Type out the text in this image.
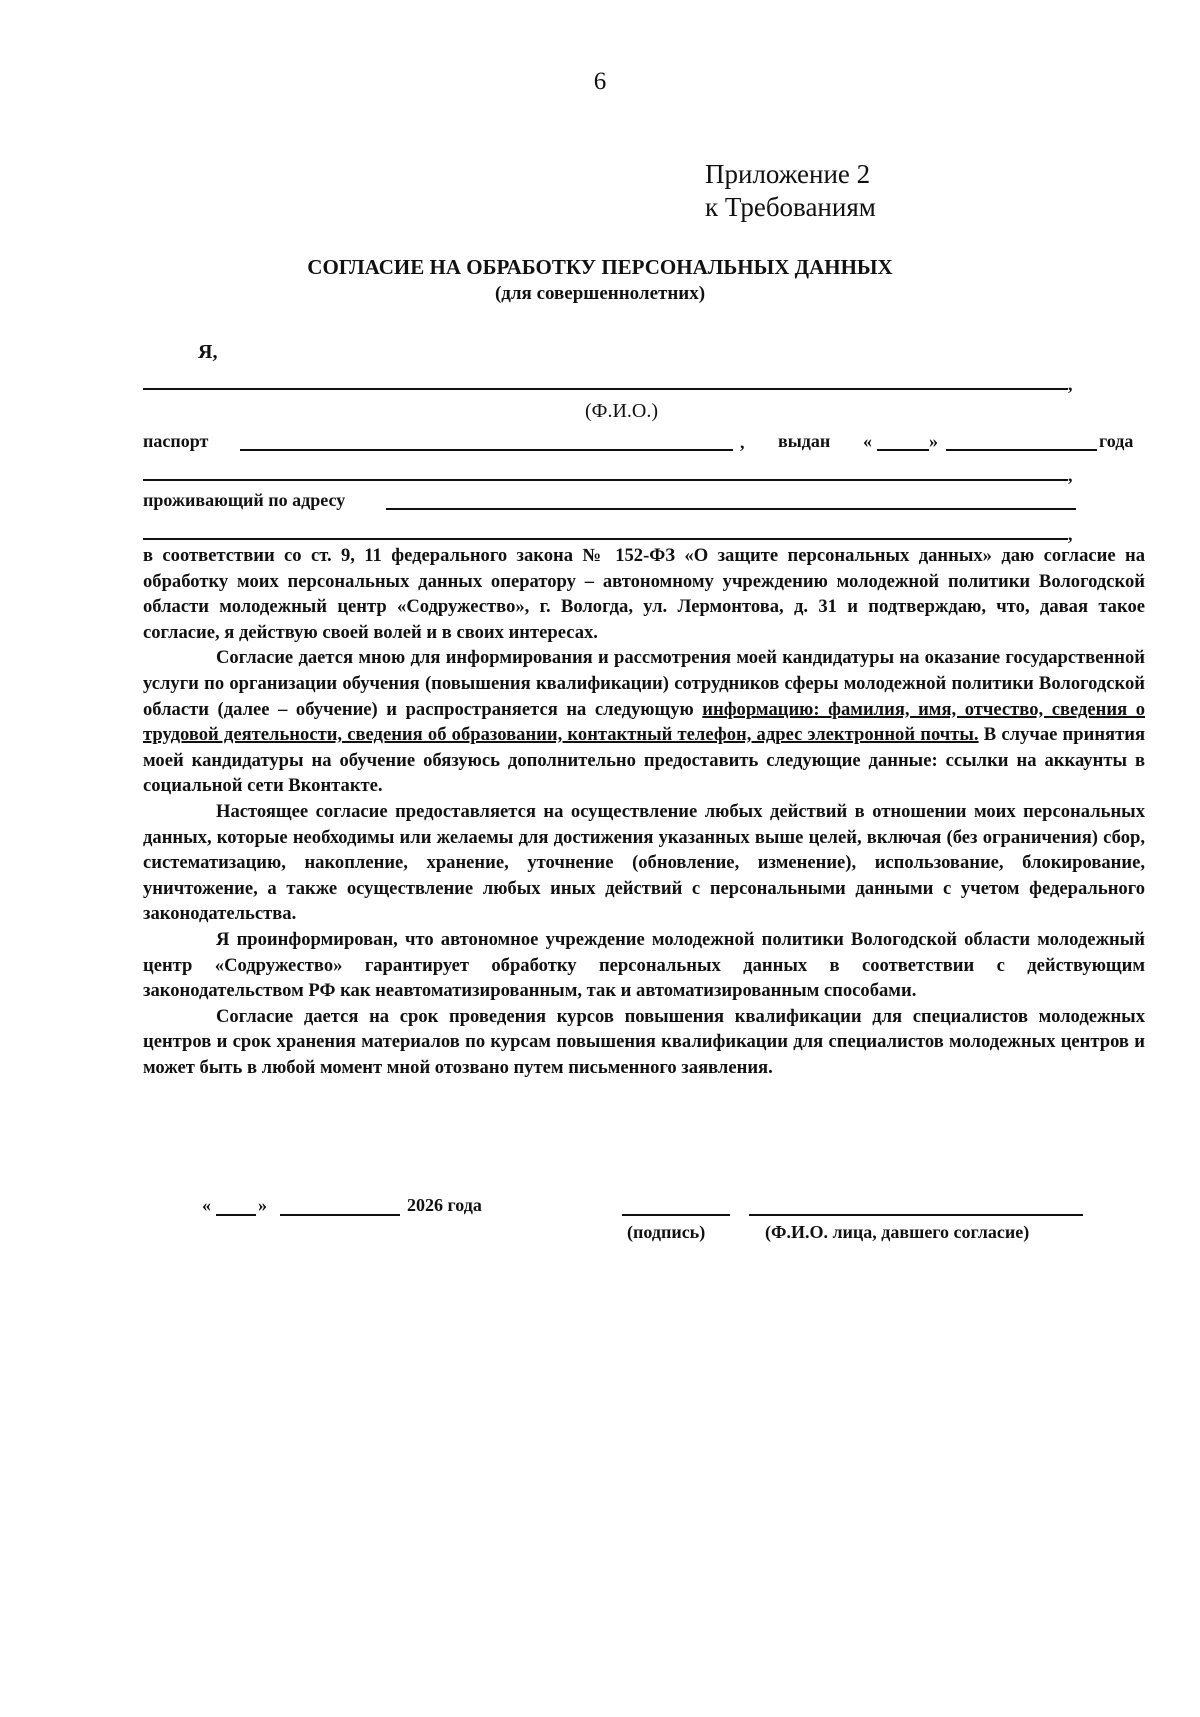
6
Приложение 2
к Требованиям
СОГЛАСИЕ НА ОБРАБОТКУ ПЕРСОНАЛЬНЫХ ДАННЫХ
(для совершеннолетних)
Я,
,
(Ф.И.О.)
паспорт	, выдан «	»	года
,
проживающий по адресу
,

в соответствии со ст. 9, 11 федерального закона № 152-ФЗ «О защите персональных данных» даю согласие на обработку моих персональных данных оператору – автономному учреждению молодежной политики Вологодской области молодежный центр «Содружество», г. Вологда, ул. Лермонтова, д. 31 и подтверждаю, что, давая такое согласие, я действую своей волей и в своих интересах.

Согласие дается мною для информирования и рассмотрения моей кандидатуры на оказание государственной услуги по организации обучения (повышения квалификации) сотрудников сферы молодежной политики Вологодской области (далее – обучение) и распространяется на следующую информацию: фамилия, имя, отчество, сведения о трудовой деятельности, сведения об образовании, контактный телефон, адрес электронной почты. В случае принятия моей кандидатуры на обучение обязуюсь дополнительно предоставить следующие данные: ссылки на аккаунты в социальной сети Вконтакте.

Настоящее согласие предоставляется на осуществление любых действий в отношении моих персональных данных, которые необходимы или желаемы для достижения указанных выше целей, включая (без ограничения) сбор, систематизацию, накопление, хранение, уточнение (обновление, изменение), использование, блокирование, уничтожение, а также осуществление любых иных действий с персональными данными с учетом федерального законодательства.

Я проинформирован, что автономное учреждение молодежной политики Вологодской области молодежный центр «Содружество» гарантирует обработку персональных данных в соответствии с действующим законодательством РФ как неавтоматизированным, так и автоматизированным способами.

Согласие дается на срок проведения курсов повышения квалификации для специалистов молодежных центров и срок хранения материалов по курсам повышения квалификации для специалистов молодежных центров и может быть в любой момент мной отозвано путем письменного заявления.

«	»	2026 года
(подпись)	(Ф.И.О. лица, давшего согласие)
